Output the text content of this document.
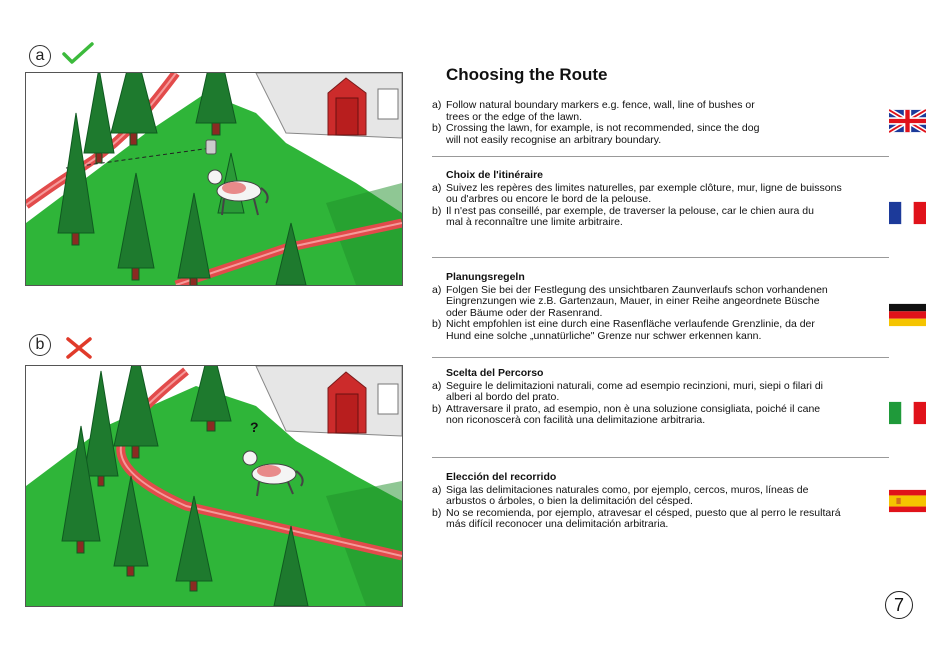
a
b
?
Choosing the Route
a) Follow natural boundary markers e.g. fence, wall, line of bushes or
trees or the edge of the lawn.
b) Crossing the lawn, for example, is not recommended, since the dog
will not easily recognise an arbitrary boundary.
Choix de l'itinéraire
a) Suivez les repères des limites naturelles, par exemple clôture, mur, ligne de buissons
ou d'arbres ou encore le bord de la pelouse.
b) Il n'est pas conseillé, par exemple, de traverser la pelouse, car le chien aura du
mal à reconnaître une limite arbitraire.
Planungsregeln
a) Folgen Sie bei der Festlegung des unsichtbaren Zaunverlaufs schon vorhandenen
Eingrenzungen wie z.B. Gartenzaun, Mauer, in einer Reihe angeordnete Büsche
oder Bäume oder der Rasenrand.
b) Nicht empfohlen ist eine durch eine Rasenfläche verlaufende Grenzlinie, da der
Hund eine solche „unnatürliche" Grenze nur schwer erkennen kann.
Scelta del Percorso
a) Seguire le delimitazioni naturali, come ad esempio recinzioni, muri, siepi o filari di
alberi al bordo del prato.
b) Attraversare il prato, ad esempio, non è una soluzione consigliata, poiché il cane
non riconoscerà con facilità una delimitazione arbitraria.
Elección del recorrido
a) Siga las delimitaciones naturales como, por ejemplo, cercos, muros, líneas de
arbustos o árboles, o bien la delimitación del césped.
b) No se recomienda, por ejemplo, atravesar el césped, puesto que al perro le resultará
más difícil reconocer una delimitación arbitraria.
7
